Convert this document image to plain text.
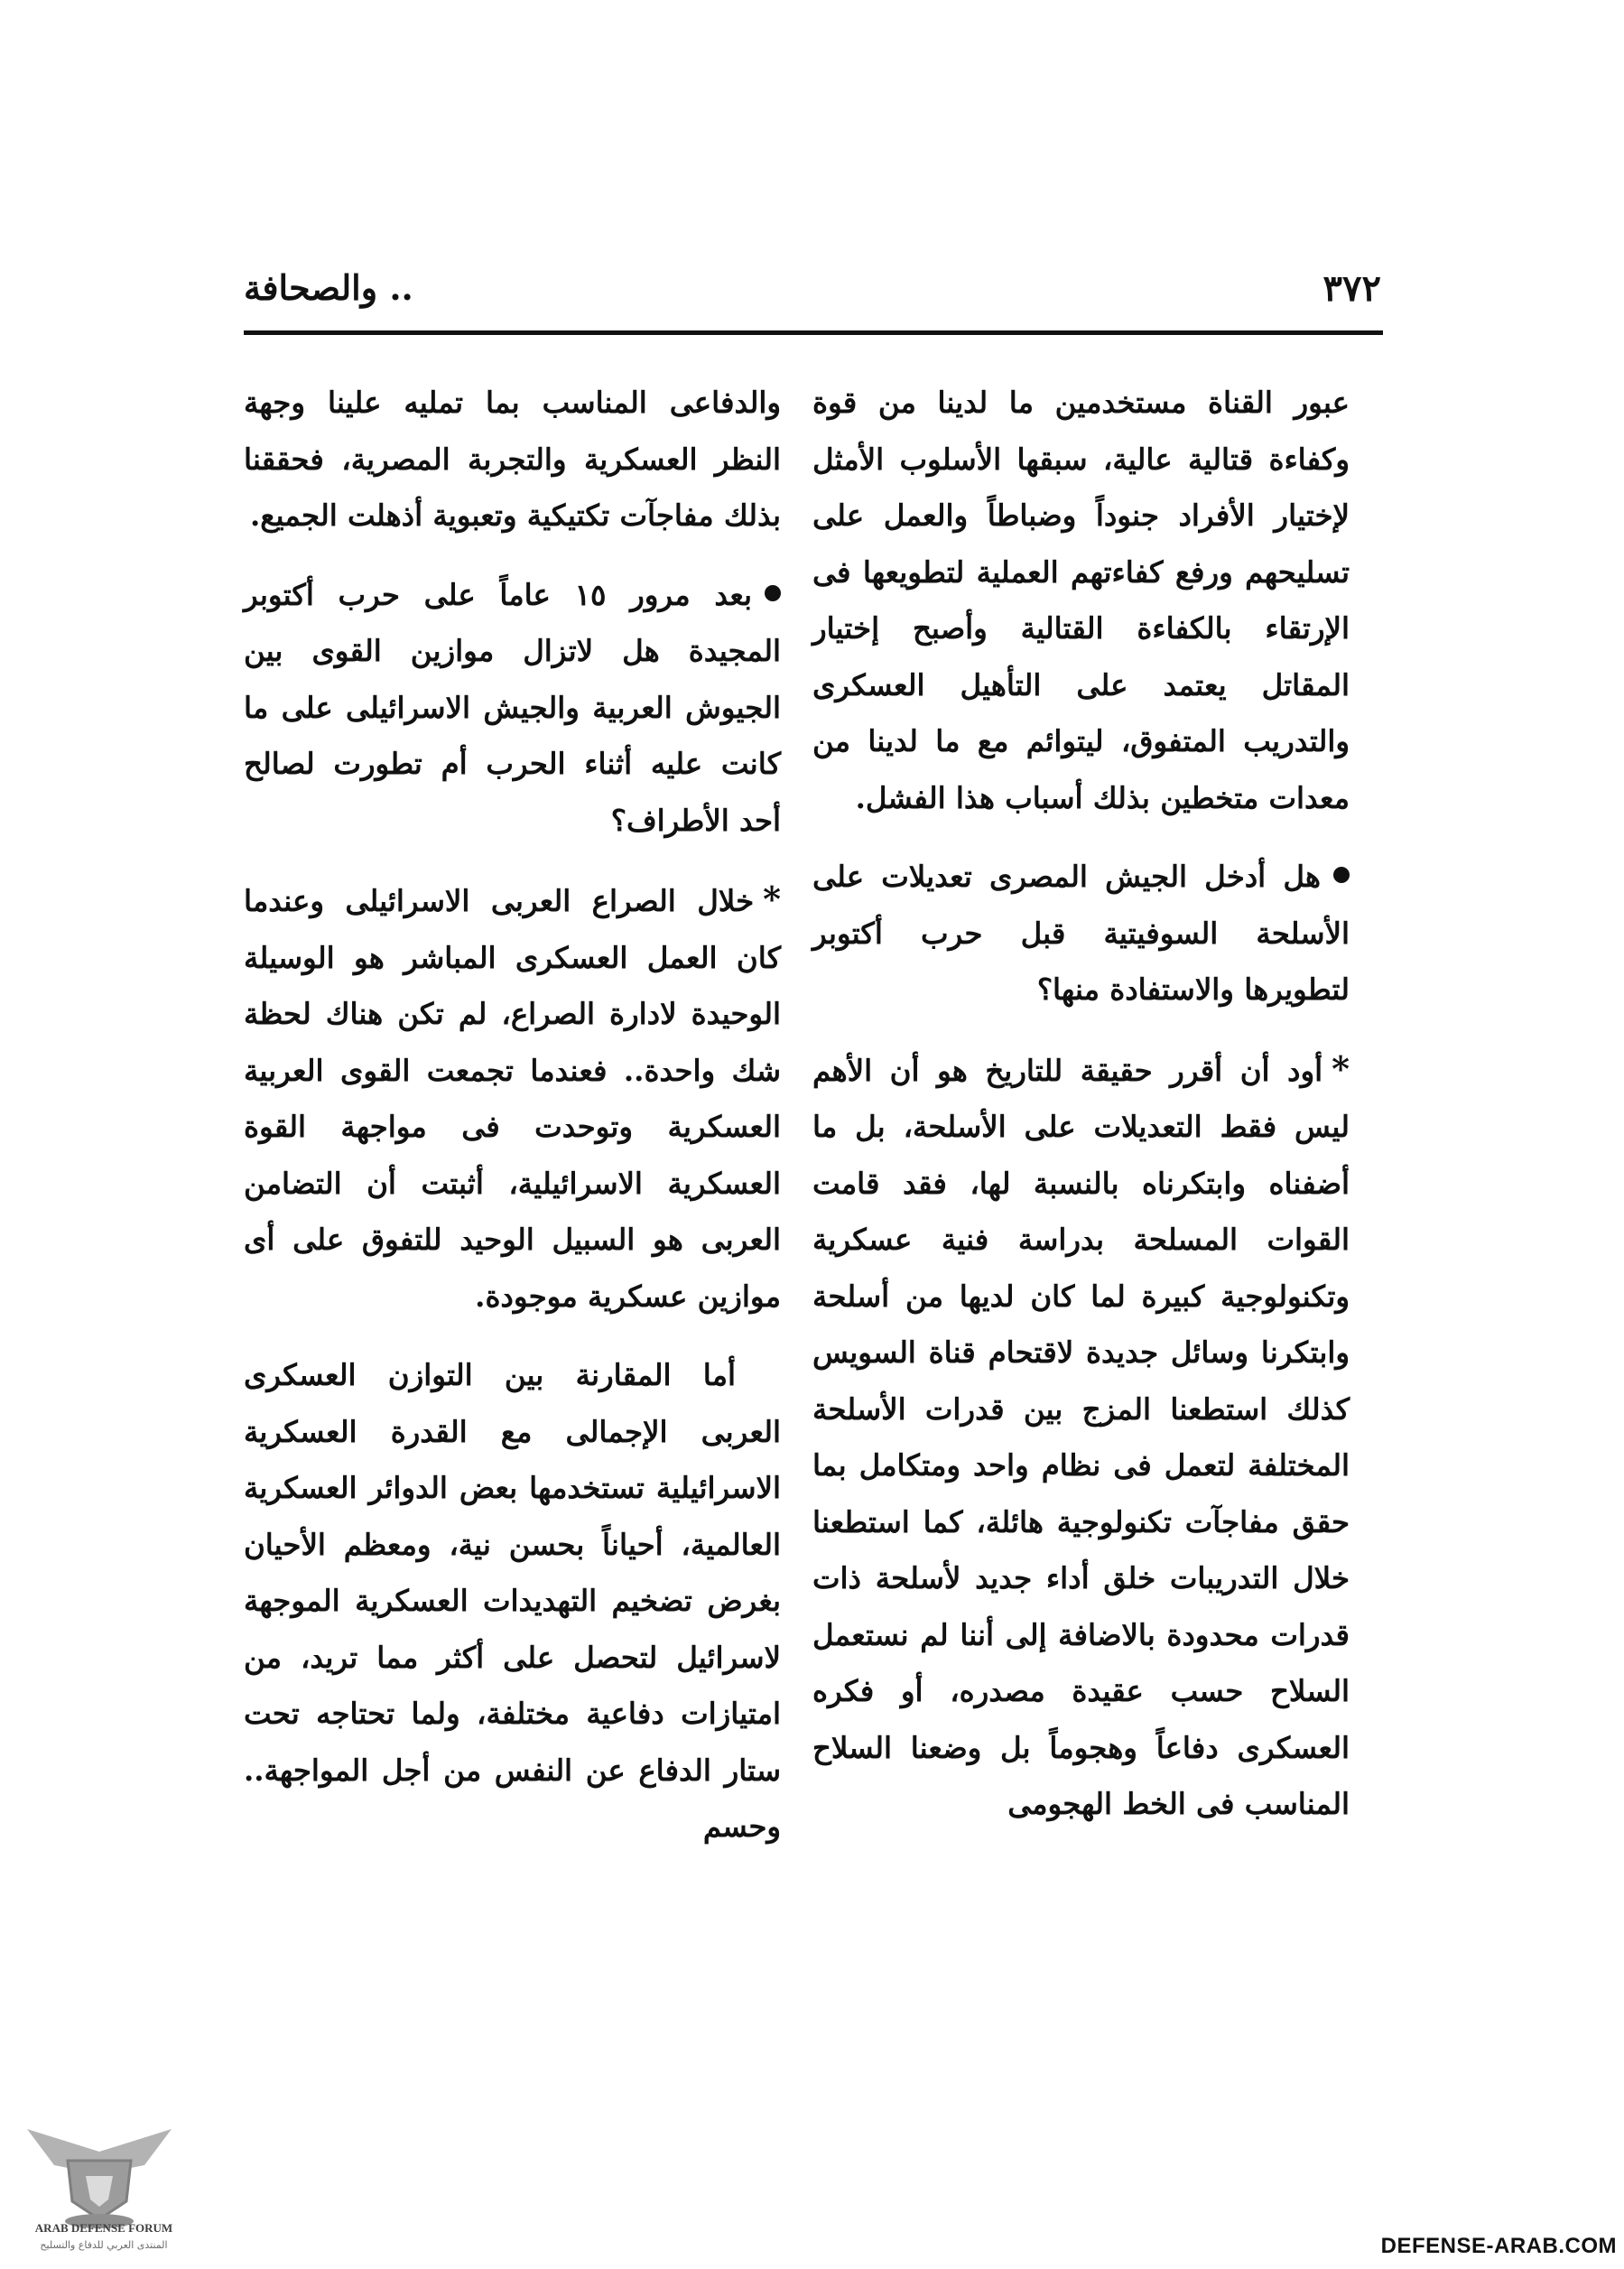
٣٧٢
.. والصحافة

عبور القناة مستخدمين ما لدينا من قوة وكفاءة قتالية عالية، سبقها الأسلوب الأمثل لإختيار الأفراد جنوداً وضباطاً والعمل على تسليحهم ورفع كفاءتهم العملية لتطويعها فى الإرتقاء بالكفاءة القتالية وأصبح إختيار المقاتل يعتمد على التأهيل العسكرى والتدريب المتفوق، ليتوائم مع ما لدينا من معدات متخطين بذلك أسباب هذا الفشل.

هل أدخل الجيش المصرى تعديلات على الأسلحة السوفيتية قبل حرب أكتوبر لتطويرها والاستفادة منها؟

*أود أن أقرر حقيقة للتاريخ هو أن الأهم ليس فقط التعديلات على الأسلحة، بل ما أضفناه وابتكرناه بالنسبة لها، فقد قامت القوات المسلحة بدراسة فنية عسكرية وتكنولوجية كبيرة لما كان لديها من أسلحة وابتكرنا وسائل جديدة لاقتحام قناة السويس كذلك استطعنا المزج بين قدرات الأسلحة المختلفة لتعمل فى نظام واحد ومتكامل بما حقق مفاجآت تكنولوجية هائلة، كما استطعنا خلال التدريبات خلق أداء جديد لأسلحة ذات قدرات محدودة بالاضافة إلى أننا لم نستعمل السلاح حسب عقيدة مصدره، أو فكره العسكرى دفاعاً وهجوماً بل وضعنا السلاح المناسب فى الخط الهجومى

والدفاعى المناسب بما تمليه علينا وجهة النظر العسكرية والتجربة المصرية، فحققنا بذلك مفاجآت تكتيكية وتعبوية أذهلت الجميع.

بعد مرور ١٥ عاماً على حرب أكتوبر المجيدة هل لاتزال موازين القوى بين الجيوش العربية والجيش الاسرائيلى على ما كانت عليه أثناء الحرب أم تطورت لصالح أحد الأطراف؟

*خلال الصراع العربى الاسرائيلى وعندما كان العمل العسكرى المباشر هو الوسيلة الوحيدة لادارة الصراع، لم تكن هناك لحظة شك واحدة.. فعندما تجمعت القوى العربية العسكرية وتوحدت فى مواجهة القوة العسكرية الاسرائيلية، أثبتت أن التضامن العربى هو السبيل الوحيد للتفوق على أى موازين عسكرية موجودة.

أما المقارنة بين التوازن العسكرى العربى الإجمالى مع القدرة العسكرية الاسرائيلية تستخدمها بعض الدوائر العسكرية العالمية، أحياناً بحسن نية، ومعظم الأحيان بغرض تضخيم التهديدات العسكرية الموجهة لاسرائيل لتحصل على أكثر مما تريد، من امتيازات دفاعية مختلفة، ولما تحتاجه تحت ستار الدفاع عن النفس من أجل المواجهة.. وحسم

ARAB DEFENSE FORUM
المنتدى العربي للدفاع والتسليح	DEFENSE-ARAB.COM
